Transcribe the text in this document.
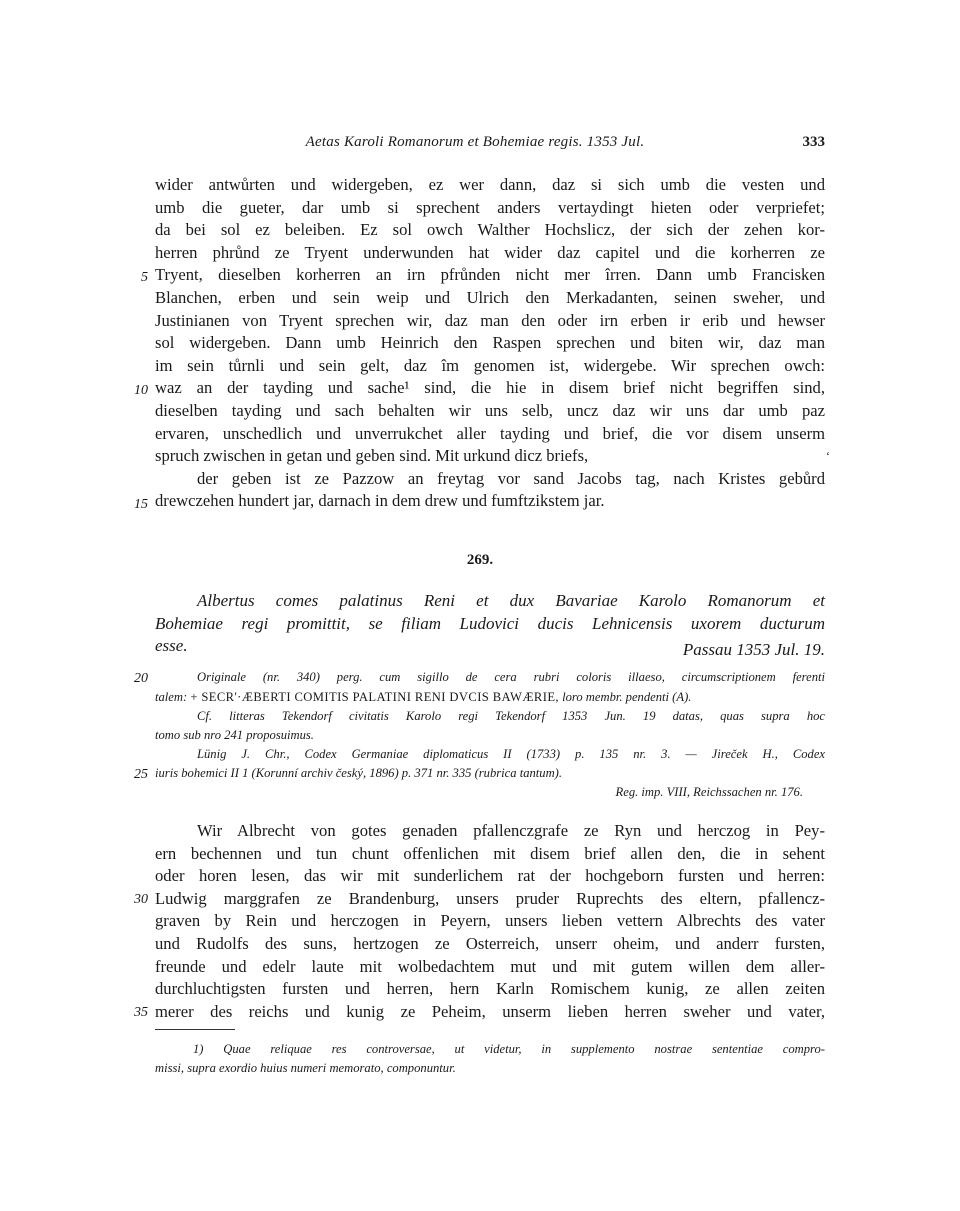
Aetas Karoli Romanorum et Bohemiae regis. 1353 Jul.	333
wider antwůrten und widergeben, ez wer dann, daz si sich umb die vesten und
umb die gueter, dar umb si sprechent anders vertaydingt hieten oder verpriefet;
da bei sol ez beleiben. Ez sol owch Walther Hochslicz, der sich der zehen kor-
herren phrůnd ze Tryent underwunden hat wider daz capitel und die korherren ze
Tryent, dieselben korherren an irn pfrůnden nicht mer îrren. Dann umb Francisken
Blanchen, erben und sein weip und Ulrich den Merkadanten, seinen sweher, und
Justinianen von Tryent sprechen wir, daz man den oder irn erben ir erib und hewser
sol widergeben. Dann umb Heinrich den Raspen sprechen und biten wir, daz man
im sein tůrnli und sein gelt, daz îm genomen ist, widergebe. Wir sprechen owch:
waz an der tayding und sache¹ sind, die hie in disem brief nicht begriffen sind,
dieselben tayding und sach behalten wir uns selb, uncz daz wir uns dar umb paz
ervaren, unschedlich und unverrukchet aller tayding und brief, die vor disem unserm
spruch zwischen in getan und geben sind. Mit urkund dicz briefs,
der geben ist ze Pazzow an freytag vor sand Jacobs tag, nach Kristes gebůrd
drewczehen hundert jar, darnach in dem drew und fumftzikstem jar.
‘
5
10
15
20
25
30
35
269.
Albertus comes palatinus Reni et dux Bavariae Karolo Romanorum et
Bohemiae regi promittit, se filiam Ludovici ducis Lehnicensis uxorem ducturum
esse.	Passau 1353 Jul. 19.
Originale (nr. 340) perg. cum sigillo de cera rubri coloris illaeso, circumscriptionem ferenti
talem: + SECR'·ÆBERTI COMITIS PALATINI RENI DVCIS BAWÆRIE, loro membr. pendenti (A).
Cf. litteras Tekendorf civitatis Karolo regi Tekendorf 1353 Jun. 19 datas, quas supra hoc
tomo sub nro 241 proposuimus.
Lünig J. Chr., Codex Germaniae diplomaticus II (1733) p. 135 nr. 3. — Jireček H., Codex
iuris bohemici II 1 (Korunní archiv český, 1896) p. 371 nr. 335 (rubrica tantum).
Reg. imp. VIII, Reichssachen nr. 176.
Wir Albrecht von gotes genaden pfallenczgrafe ze Ryn und herczog in Pey-
ern bechennen und tun chunt offenlichen mit disem brief allen den, die in sehent
oder horen lesen, das wir mit sunderlichem rat der hochgeborn fursten und herren:
Ludwig marggrafen ze Brandenburg, unsers pruder Ruprechts des eltern, pfallencz-
graven by Rein und herczogen in Peyern, unsers lieben vettern Albrechts des vater
und Rudolfs des suns, hertzogen ze Osterreich, unserr oheim, und anderr fursten,
freunde und edelr laute mit wolbedachtem mut und mit gutem willen dem aller-
durchluchtigsten fursten und herren, hern Karln Romischem kunig, ze allen zeiten
merer des reichs und kunig ze Peheim, unserm lieben herren sweher und vater,
1) Quae reliquae res controversae, ut videtur, in supplemento nostrae sententiae compro-
missi, supra exordio huius numeri memorato, componuntur.
